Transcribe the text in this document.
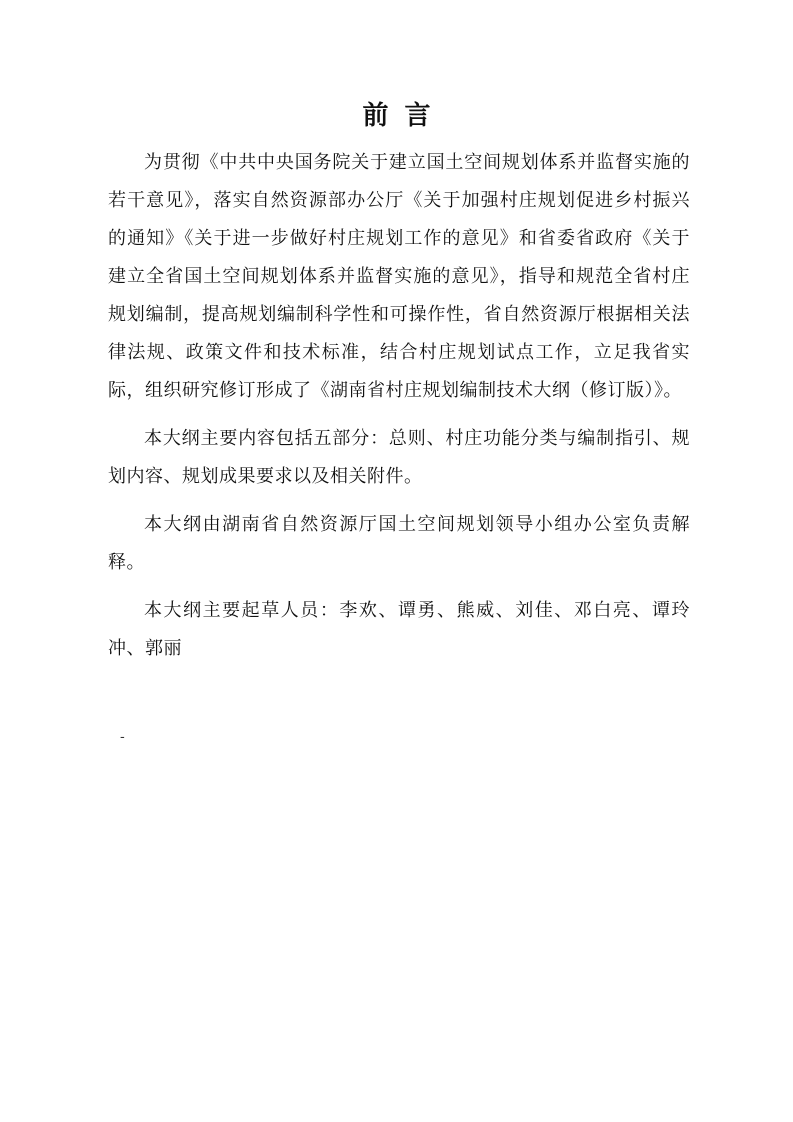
前言

为贯彻《中共中央国务院关于建立国土空间规划体系并监督实施的若干意见》，落实自然资源部办公厅《关于加强村庄规划促进乡村振兴的通知》《关于进一步做好村庄规划工作的意见》和省委省政府《关于建立全省国土空间规划体系并监督实施的意见》，指导和规范全省村庄规划编制，提高规划编制科学性和可操作性，省自然资源厅根据相关法律法规、政策文件和技术标准，结合村庄规划试点工作，立足我省实际，组织研究修订形成了《湖南省村庄规划编制技术大纲（修订版）》。

本大纲主要内容包括五部分：总则、村庄功能分类与编制指引、规划内容、规划成果要求以及相关附件。

本大纲由湖南省自然资源厅国土空间规划领导小组办公室负责解释。

本大纲主要起草人员：李欢、谭勇、熊威、刘佳、邓白亮、谭玲冲、郭丽

-
